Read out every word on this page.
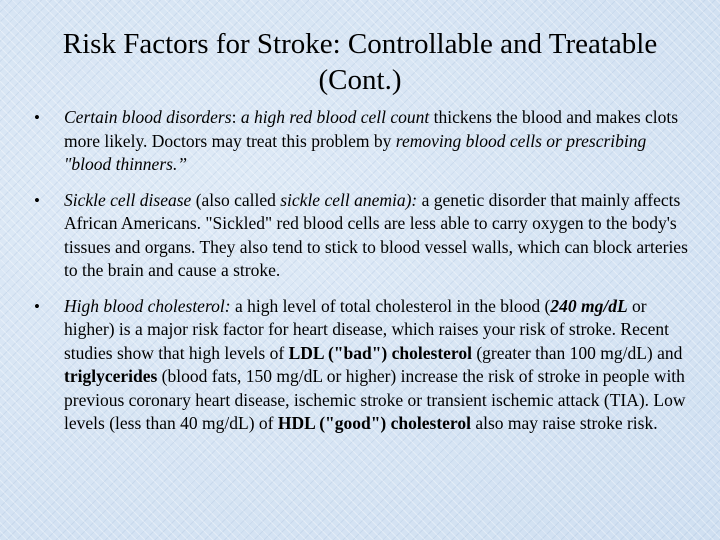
Risk Factors for Stroke: Controllable and Treatable (Cont.)
•	Certain blood disorders: a high red blood cell count thickens the blood and makes clots more likely. Doctors may treat this problem by removing blood cells or prescribing "blood thinners.”
•	Sickle cell disease (also called sickle cell anemia): a genetic disorder that mainly affects African Americans. "Sickled" red blood cells are less able to carry oxygen to the body's tissues and organs. They also tend to stick to blood vessel walls, which can block arteries to the brain and cause a stroke.
•	High blood cholesterol: a high level of total cholesterol in the blood (240 mg/dL or higher) is a major risk factor for heart disease, which raises your risk of stroke. Recent studies show that high levels of LDL ("bad") cholesterol (greater than 100 mg/dL) and triglycerides (blood fats, 150 mg/dL or higher) increase the risk of stroke in people with previous coronary heart disease, ischemic stroke or transient ischemic attack (TIA). Low levels (less than 40 mg/dL) of HDL ("good") cholesterol also may raise stroke risk.
